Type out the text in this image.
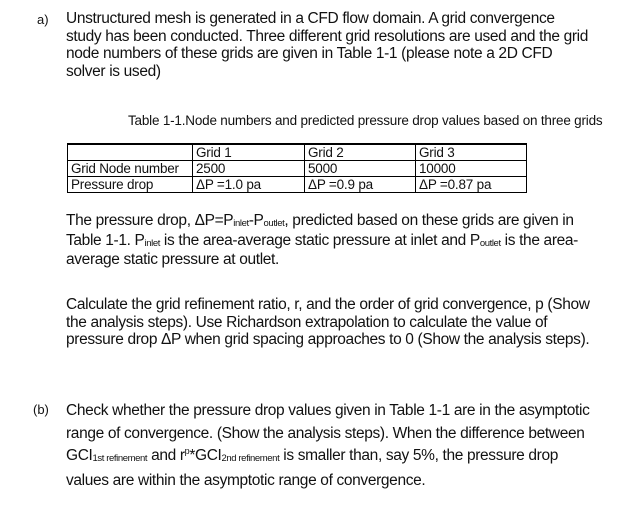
a) Unstructured mesh is generated in a CFD flow domain. A grid convergence
study has been conducted. Three different grid resolutions are used and the grid
node numbers of these grids are given in Table 1-1 (please note a 2D CFD
solver is used)
Table 1-1.Node numbers and predicted pressure drop values based on three grids
	Grid 1	Grid 2	Grid 3
Grid Node number	2500	5000	10000
Pressure drop	ΔP =1.0 pa	ΔP =0.9 pa	ΔP =0.87 pa
The pressure drop, ΔP=Pinlet-Poutlet, predicted based on these grids are given in
Table 1-1. Pinlet is the area-average static pressure at inlet and Poutlet is the area-
average static pressure at outlet.
Calculate the grid refinement ratio, r, and the order of grid convergence, p (Show
the analysis steps). Use Richardson extrapolation to calculate the value of
pressure drop ΔP when grid spacing approaches to 0 (Show the analysis steps).
(b) Check whether the pressure drop values given in Table 1-1 are in the asymptotic
range of convergence. (Show the analysis steps). When the difference between
GCI1st refinement and $r^p*GCI2nd$ refinement is smaller than, say 5%, the pressure drop
values are within the asymptotic range of convergence.
